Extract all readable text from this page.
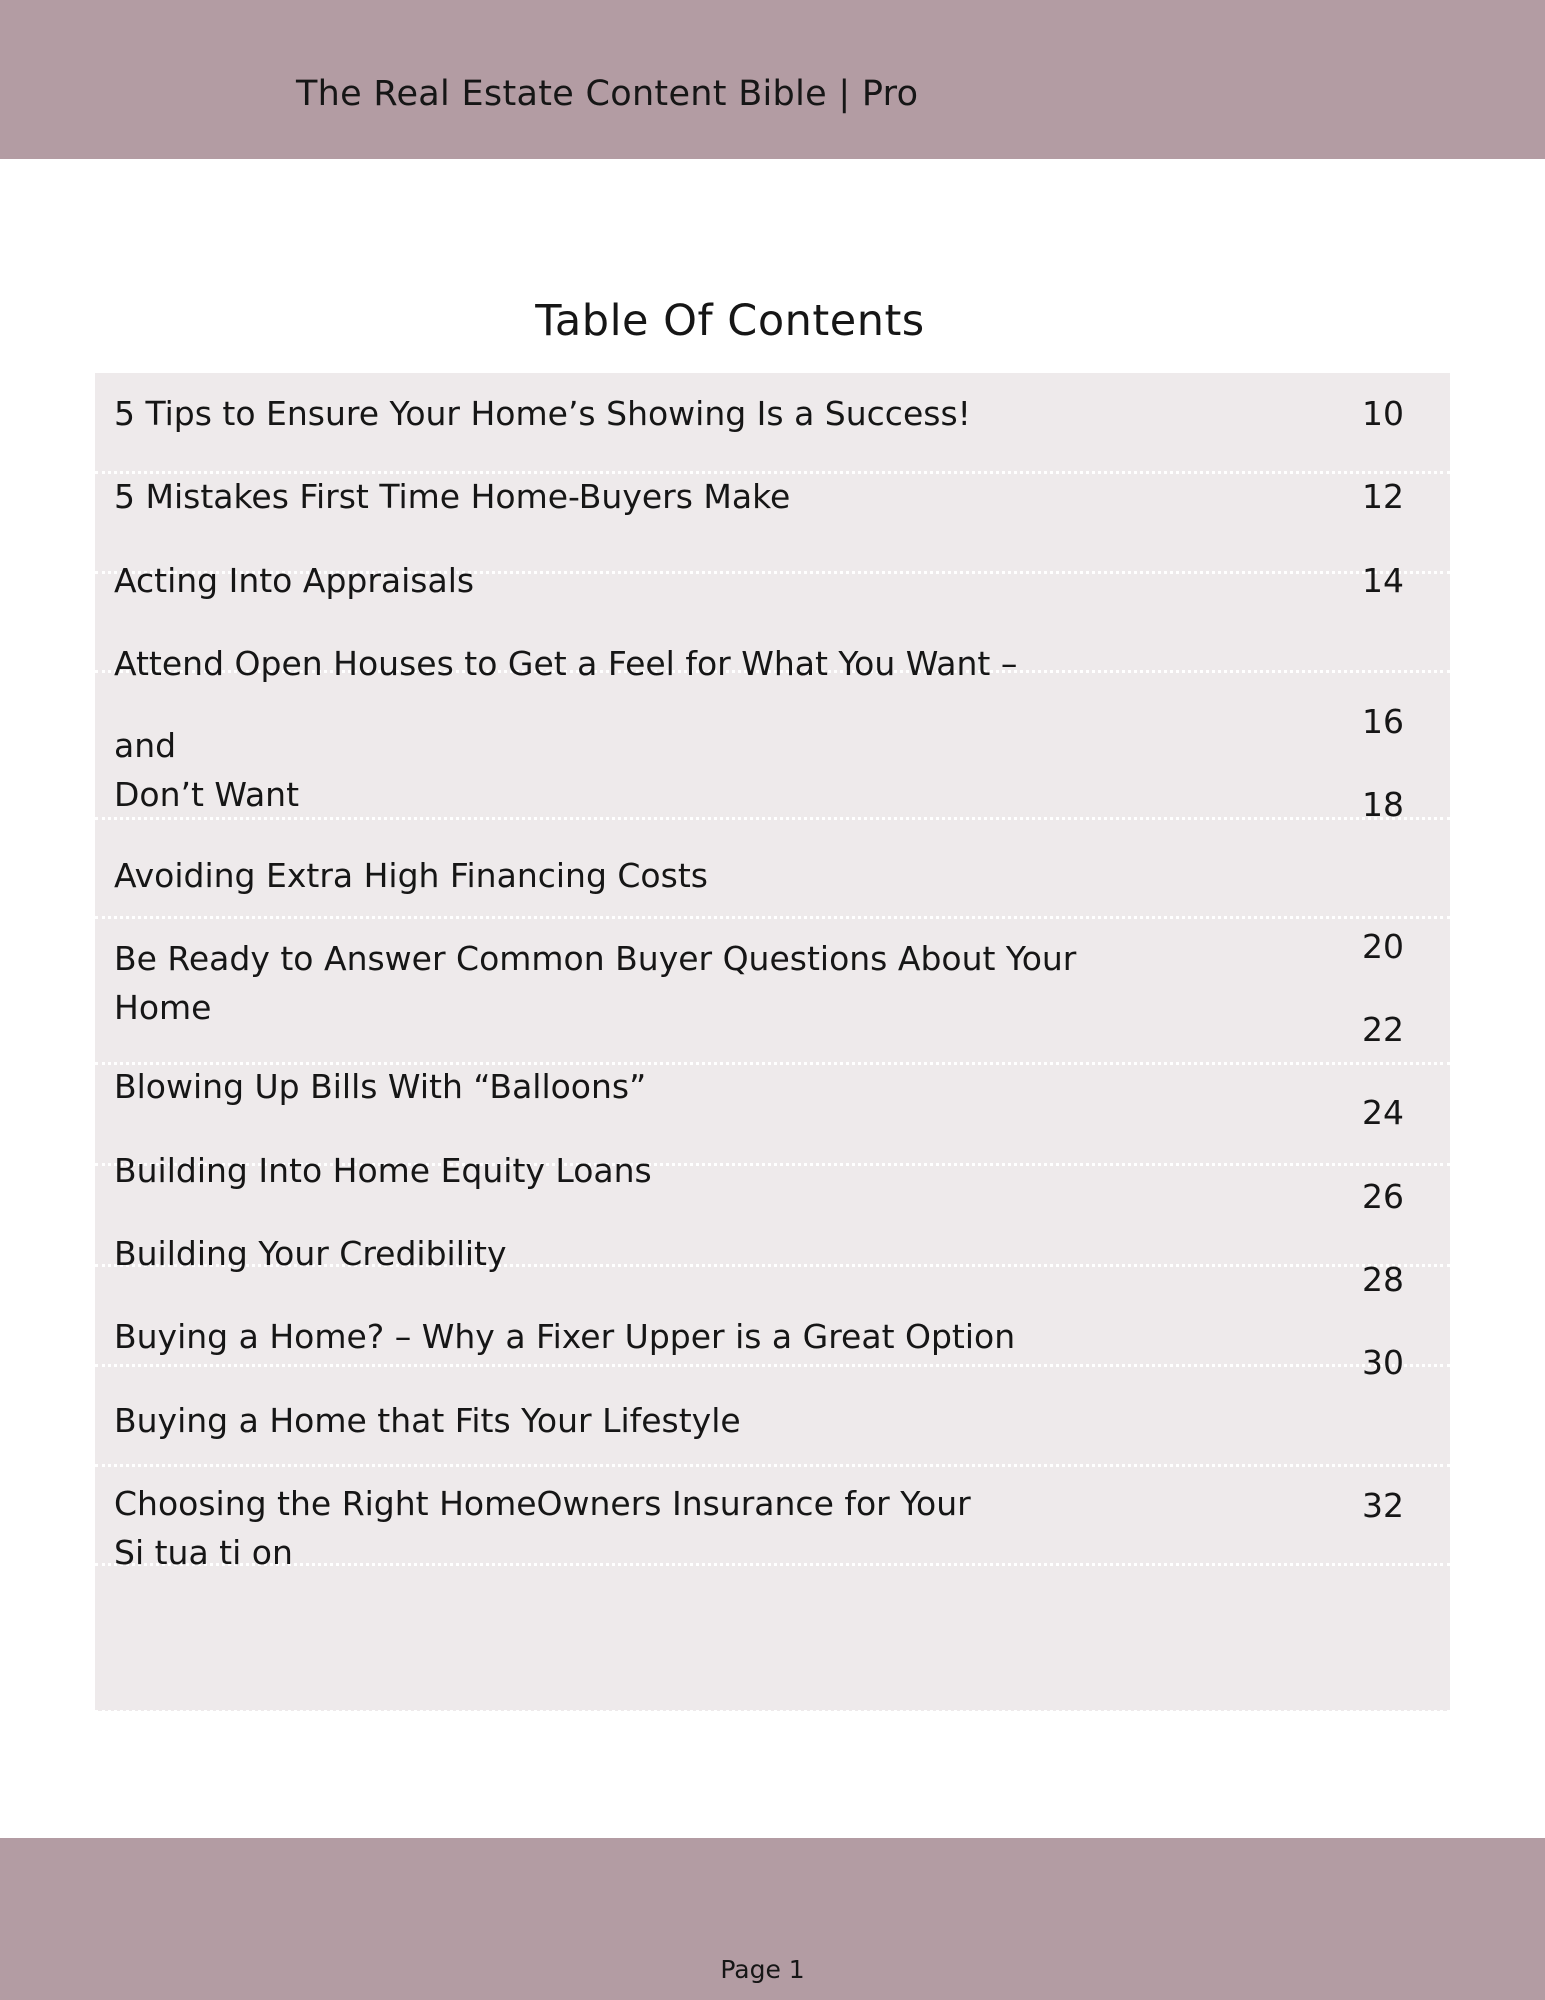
The Real Estate Content Bible | Pro
Table Of Contents
5 Tips to Ensure Your Home’s Showing Is a Success!
5 Mistakes First Time Home-Buyers Make
Acting Into Appraisals
Attend Open Houses to Get a Feel for What You Want –
and
Don’t Want
Avoiding Extra High Financing Costs
Be Ready to Answer Common Buyer Questions About Your
Home
Blowing Up Bills With “Balloons”
Building Into Home Equity Loans
Building Your Credibility
Buying a Home? – Why a Fixer Upper is a Great Option
Buying a Home that Fits Your Lifestyle
Choosing the Right HomeOwners Insurance for Your
Si tua ti on
10
12
14
16
18
20
22
24
26
28
30
32
Page 1
